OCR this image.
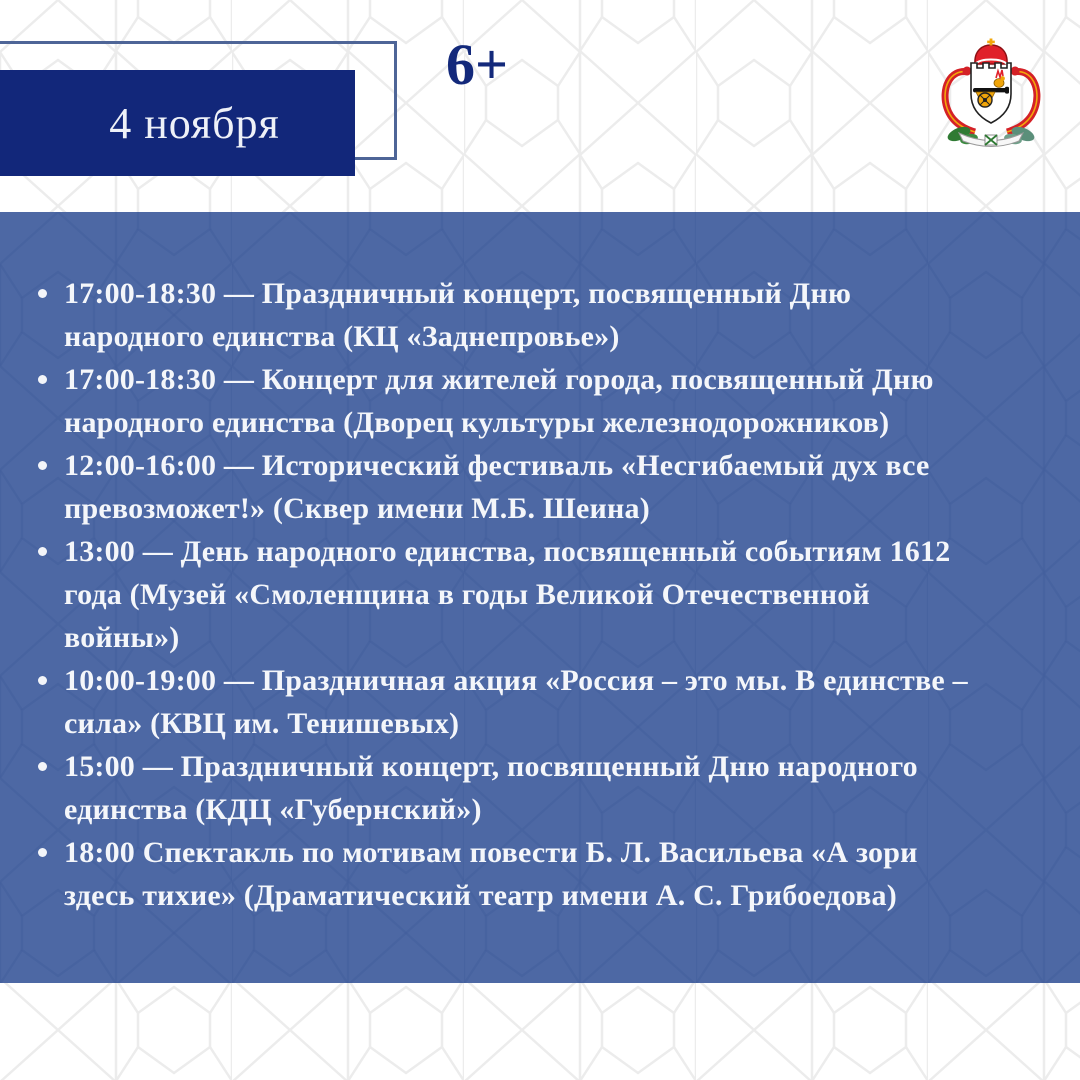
4 ноября
6+
17:00-18:30 — Праздничный концерт, посвященный Дню
народного единства (КЦ «Заднепровье»)
17:00-18:30 — Концерт для жителей города, посвященный Дню
народного единства (Дворец культуры железнодорожников)
12:00-16:00 — Исторический фестиваль «Несгибаемый дух все
превозможет!» (Сквер имени М.Б. Шеина)
13:00 — День народного единства, посвященный событиям 1612
года (Музей «Смоленщина в годы Великой Отечественной
войны»)
10:00-19:00 — Праздничная акция «Россия – это мы. В единстве –
сила» (КВЦ им. Тенишевых)
15:00 — Праздничный концерт, посвященный Дню народного
единства (КДЦ «Губернский»)
18:00 Спектакль по мотивам повести Б. Л. Васильева «А зори
здесь тихие» (Драматический театр имени А. С. Грибоедова)
